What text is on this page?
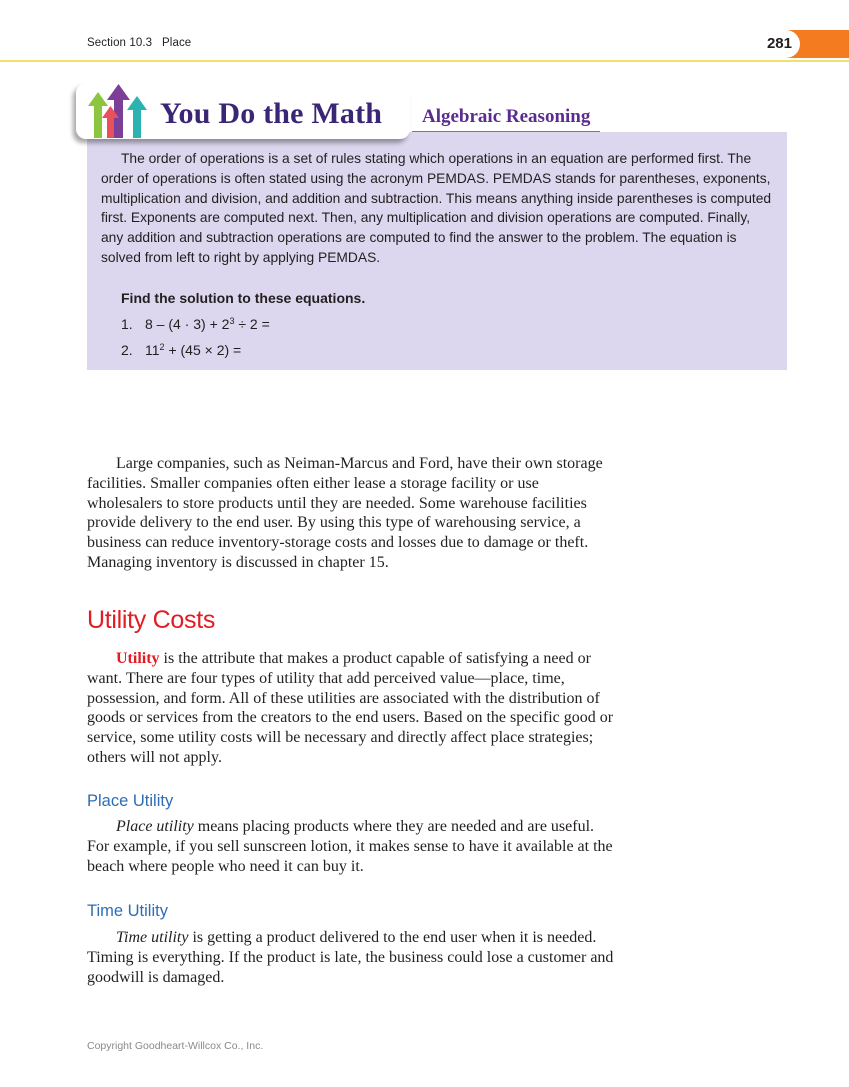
Section 10.3 Place	281
You Do the Math Algebraic Reasoning
The order of operations is a set of rules stating which operations in an equation are performed first. The order of operations is often stated using the acronym PEMDAS. PEMDAS stands for parentheses, exponents, multiplication and division, and addition and subtraction. This means anything inside parentheses is computed first. Exponents are computed next. Then, any multiplication and division operations are computed. Finally, any addition and subtraction operations are computed to find the answer to the problem. The equation is solved from left to right by applying PEMDAS.
Find the solution to these equations.
1. $8 - (4 \cdot 3) + 2^3 \div 2$ =
2. $11^2 + (45 \times 2)$ =
Large companies, such as Neiman-Marcus and Ford, have their own storage facilities. Smaller companies often either lease a storage facility or use wholesalers to store products until they are needed. Some warehouse facilities provide delivery to the end user. By using this type of warehousing service, a business can reduce inventory-storage costs and losses due to damage or theft. Managing inventory is discussed in chapter 15.
Utility Costs
Utility is the attribute that makes a product capable of satisfying a need or want. There are four types of utility that add perceived value—place, time, possession, and form. All of these utilities are associated with the distribution of goods or services from the creators to the end users. Based on the specific good or service, some utility costs will be necessary and directly affect place strategies; others will not apply.
Place Utility
Place utility means placing products where they are needed and are useful. For example, if you sell sunscreen lotion, it makes sense to have it available at the beach where people who need it can buy it.
Time Utility
Time utility is getting a product delivered to the end user when it is needed. Timing is everything. If the product is late, the business could lose a customer and goodwill is damaged.
Copyright Goodheart-Willcox Co., Inc.
